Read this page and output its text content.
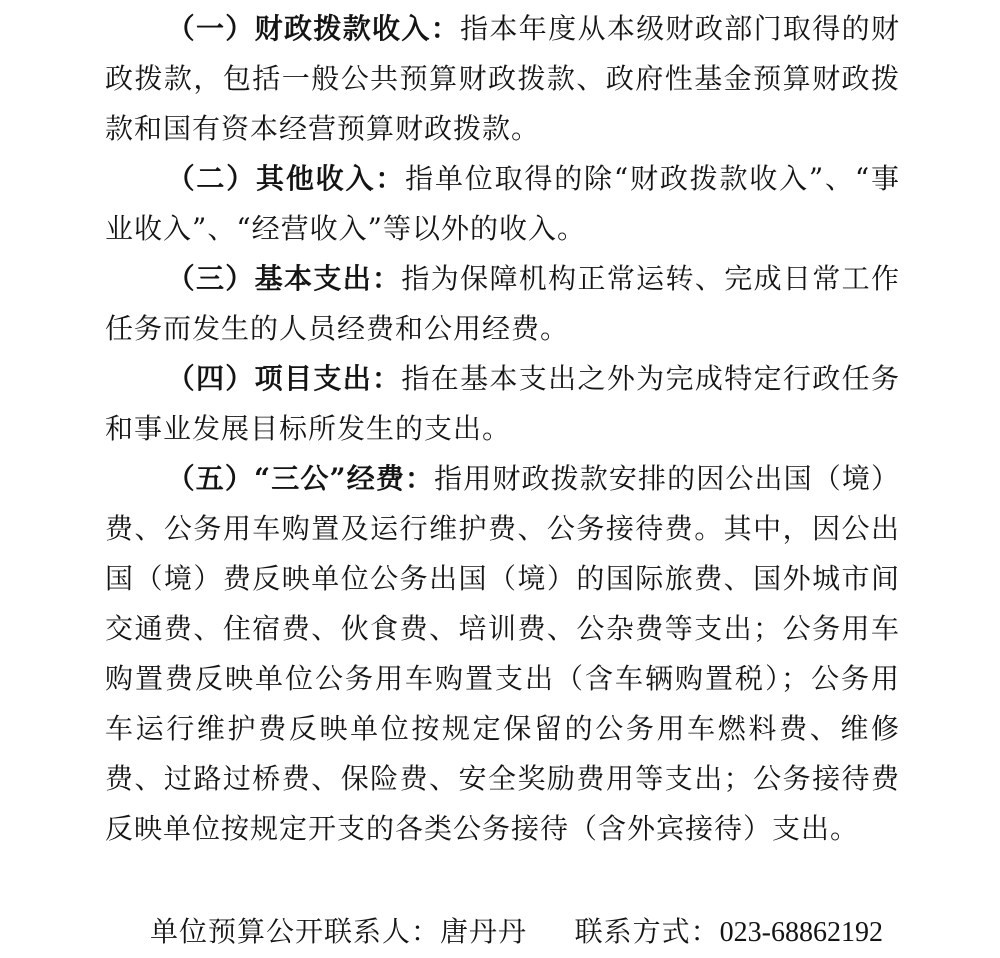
（一）财政拨款收入：指本年度从本级财政部门取得的财政拨款，包括一般公共预算财政拨款、政府性基金预算财政拨款和国有资本经营预算财政拨款。

（二）其他收入：指单位取得的除“财政拨款收入”、“事业收入”、“经营收入”等以外的收入。

（三）基本支出：指为保障机构正常运转、完成日常工作任务而发生的人员经费和公用经费。

（四）项目支出：指在基本支出之外为完成特定行政任务和事业发展目标所发生的支出。

（五）“三公”经费：指用财政拨款安排的因公出国（境）费、公务用车购置及运行维护费、公务接待费。其中，因公出国（境）费反映单位公务出国（境）的国际旅费、国外城市间交通费、住宿费、伙食费、培训费、公杂费等支出；公务用车购置费反映单位公务用车购置支出（含车辆购置税）；公务用车运行维护费反映单位按规定保留的公务用车燃料费、维修费、过路过桥费、保险费、安全奖励费用等支出；公务接待费反映单位按规定开支的各类公务接待（含外宾接待）支出。

单位预算公开联系人：唐丹丹 联系方式：023-68862192
